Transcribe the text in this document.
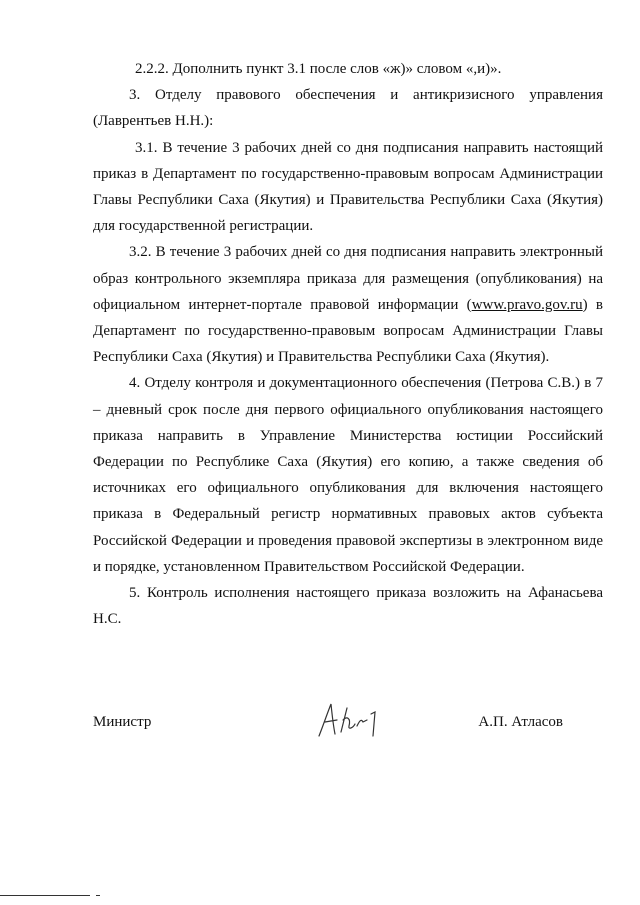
2.2.2. Дополнить пункт 3.1 после слов «ж)» словом «,и)».

3. Отделу правового обеспечения и антикризисного управления (Лаврентьев Н.Н.):

3.1. В течение 3 рабочих дней со дня подписания направить настоящий приказ в Департамент по государственно-правовым вопросам Администрации Главы Республики Саха (Якутия) и Правительства Республики Саха (Якутия) для государственной регистрации.

3.2. В течение 3 рабочих дней со дня подписания направить электронный образ контрольного экземпляра приказа для размещения (опубликования) на официальном интернет-портале правовой информации (www.pravo.gov.ru) в Департамент по государственно-правовым вопросам Администрации Главы Республики Саха (Якутия) и Правительства Республики Саха (Якутия).

4. Отделу контроля и документационного обеспечения (Петрова С.В.) в 7 – дневный срок после дня первого официального опубликования настоящего приказа направить в Управление Министерства юстиции Российский Федерации по Республике Саха (Якутия) его копию, а также сведения об источниках его официального опубликования для включения настоящего приказа в Федеральный регистр нормативных правовых актов субъекта Российской Федерации и проведения правовой экспертизы в электронном виде и порядке, установленном Правительством Российской Федерации.

5. Контроль исполнения настоящего приказа возложить на Афанасьева Н.С.

Министр	А.П. Атласов
